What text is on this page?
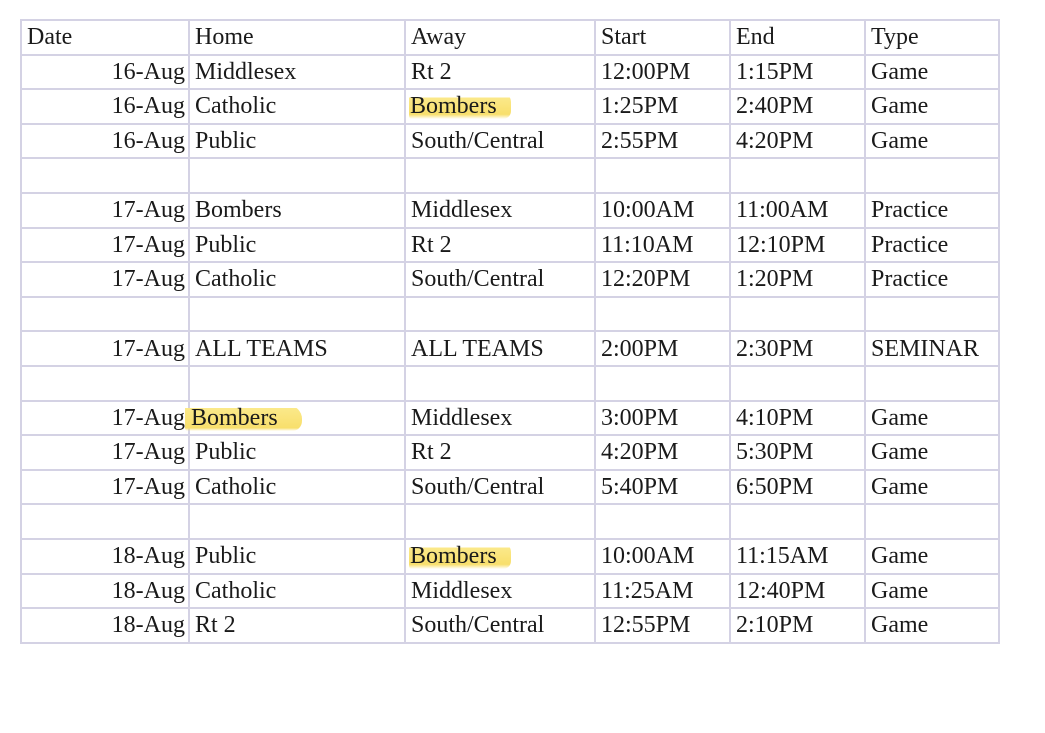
Date	Home	Away	Start	End	Type
16-Aug	Middlesex	Rt 2	12:00PM	1:15PM	Game
16-Aug	Catholic	Bombers	1:25PM	2:40PM	Game
16-Aug	Public	South/Central	2:55PM	4:20PM	Game

17-Aug	Bombers	Middlesex	10:00AM	11:00AM	Practice
17-Aug	Public	Rt 2	11:10AM	12:10PM	Practice
17-Aug	Catholic	South/Central	12:20PM	1:20PM	Practice

17-Aug	ALL TEAMS	ALL TEAMS	2:00PM	2:30PM	SEMINAR

17-Aug	Bombers	Middlesex	3:00PM	4:10PM	Game
17-Aug	Public	Rt 2	4:20PM	5:30PM	Game
17-Aug	Catholic	South/Central	5:40PM	6:50PM	Game

18-Aug	Public	Bombers	10:00AM	11:15AM	Game
18-Aug	Catholic	Middlesex	11:25AM	12:40PM	Game
18-Aug	Rt 2	South/Central	12:55PM	2:10PM	Game
